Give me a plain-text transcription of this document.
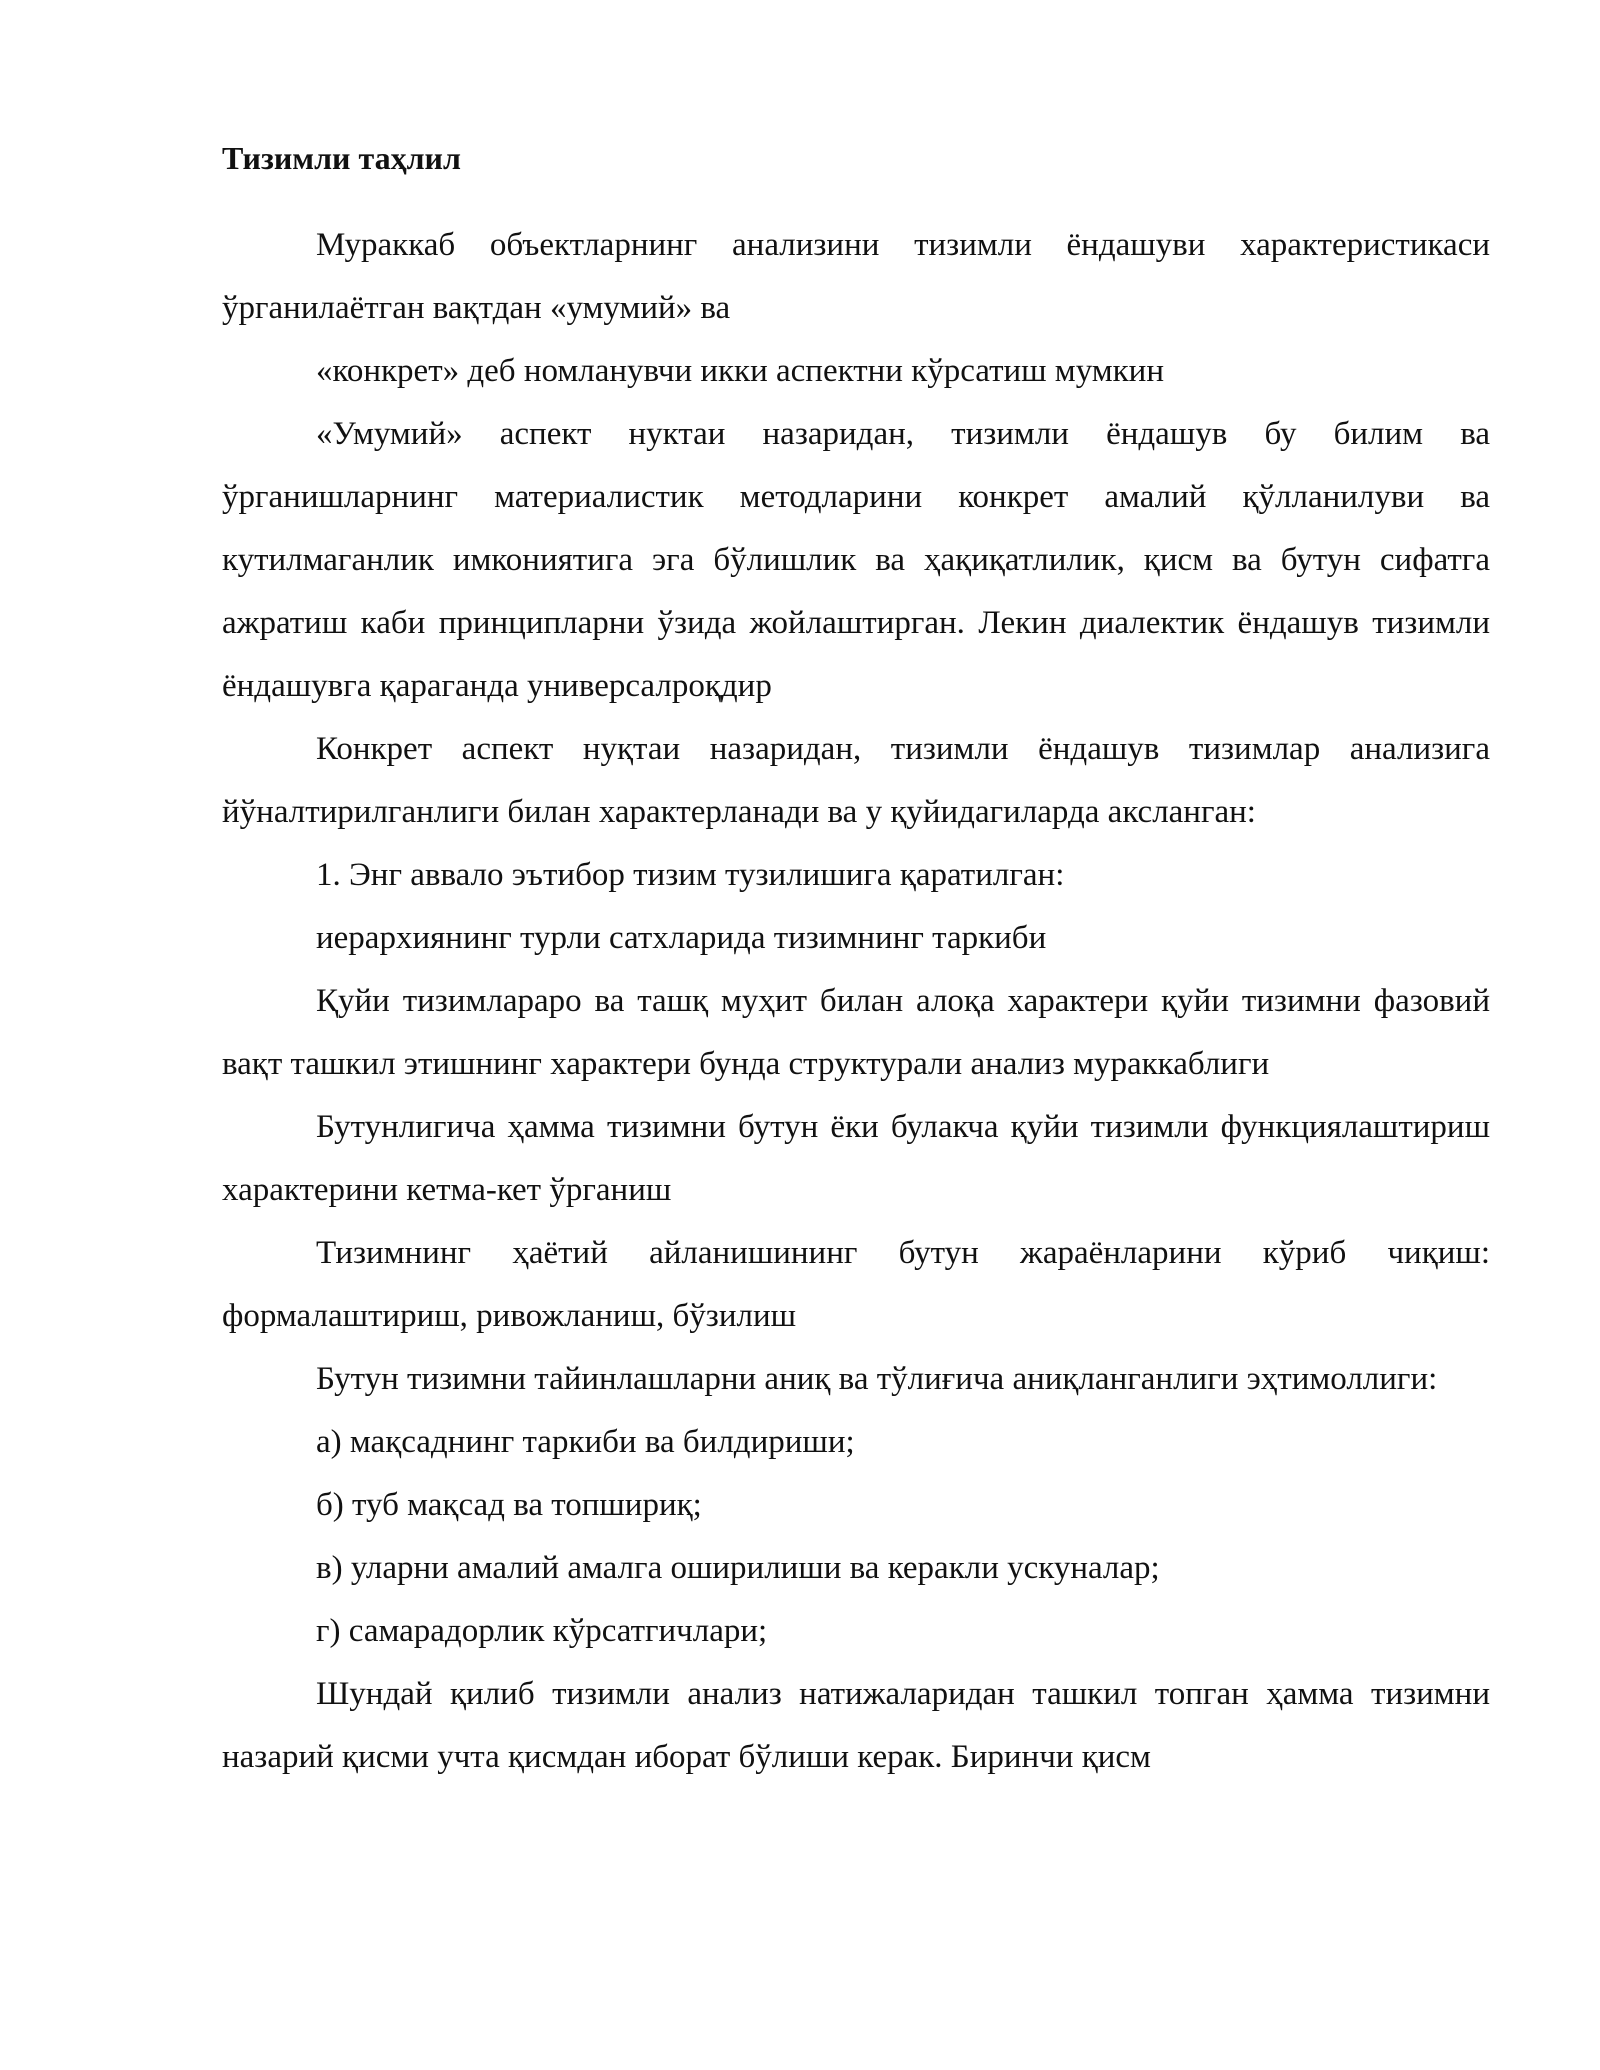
Тизимли таҳлил

Мураккаб объектларнинг анализини тизимли ёндашуви характеристикаси ўрганилаётган вақтдан «умумий» ва

«конкрет» деб номланувчи икки аспектни кўрсатиш мумкин

«Умумий» аспект нуктаи назаридан, тизимли ёндашув бу билим ва ўрганишларнинг материалистик методларини конкрет амалий қўлланилуви ва кутилмаганлик имкониятига эга бўлишлик ва ҳақиқатлилик, қисм ва бутун сифатга ажратиш каби принципларни ўзида жойлаштирган. Лекин диалектик ёндашув тизимли ёндашувга қараганда универсалроқдир

Конкрет аспект нуқтаи назаридан, тизимли ёндашув тизимлар анализига йўналтирилганлиги билан характерланади ва у қуйидагиларда аксланган:

1. Энг аввало эътибор тизим тузилишига қаратилган:

иерархиянинг турли сатхларида тизимнинг таркиби

Қуйи тизимлараро ва ташқ муҳит билан алоқа характери қуйи тизимни фазовий вақт ташкил этишнинг характери бунда структурали анализ мураккаблиги

Бутунлигича ҳамма тизимни бутун ёки булакча қуйи тизимли функциялаштириш характерини кетма-кет ўрганиш

Тизимнинг ҳаётий айланишининг бутун жараёнларини кўриб чиқиш: формалаштириш, ривожланиш, бўзилиш

Бутун тизимни тайинлашларни аниқ ва тўлиғича аниқланганлиги эҳтимоллиги:

а) мақсаднинг таркиби ва билдириши;

б) туб мақсад ва топшириқ;

в) уларни амалий амалга оширилиши ва керакли ускуналар;

г) самарадорлик кўрсатгичлари;

Шундай қилиб тизимли анализ натижаларидан ташкил топган ҳамма тизимни назарий қисми учта қисмдан иборат бўлиши керак. Биринчи қисм
